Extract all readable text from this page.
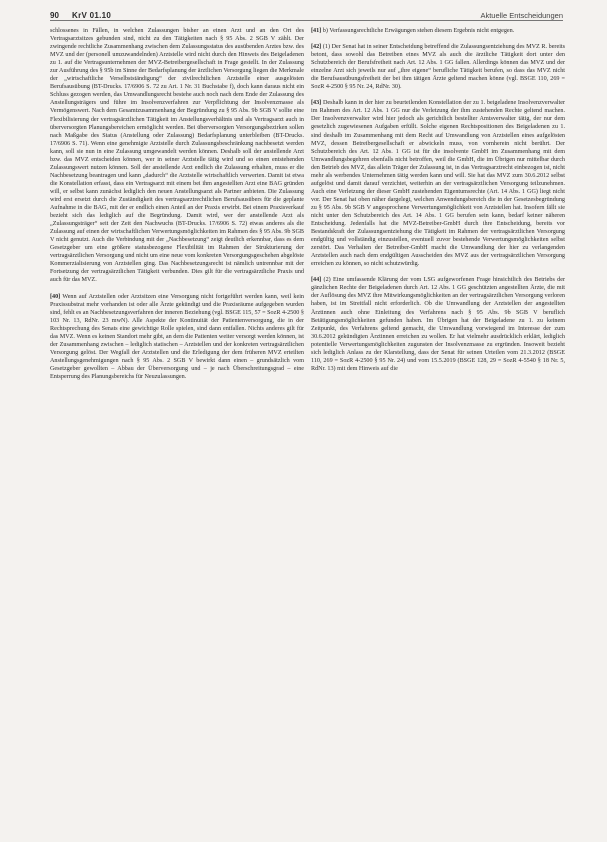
90	KrV 01.10	Aktuelle Entscheidungen

schlossenes in Fällen, in welchen Zulassungen bisher an einen Arzt und an den Ort des Vertragsarztsitzes gebunden sind, nicht zu den Tätigkeiten nach § 95 Abs. 2 SGB V zählt. Der zwingende rechtliche Zusammenhang zwischen dem Zulassungsstatus des ausübenden Arztes bzw. des MVZ und der (personell umzuwandelnden) Arztstelle wird nicht durch den Hinweis des Beigeladenen zu 1. auf die Vertragsunternehmen der MVZ-Betreibergesellschaft in Frage gestellt. In der Zulassung zur Ausführung des § 95b im Sinne der Bedarfsplanung der ärztlichen Versorgung liegen die Merkmale der „wirtschaftliche Verselbstständigung“ der zivilrechtlichen Arztstelle einer ausgelösten Berufsausübung (BT-Drucks. 17/6906 S. 72 zu Art. 1 Nr. 31 Buchstabe f), doch kann daraus nicht ein Schluss gezogen werden, das Umwandlungsrecht bestehe auch noch nach dem Ende der Zulassung des Anstellungsträgers und führe im Insolvenzverfahren zur Verpflichtung der Insolvenzmasse als Vermögenswert. Nach dem Gesamtzusammenhang der Begründung zu § 95 Abs. 9b SGB V sollte eine Flexibilisierung der vertragsärztlichen Tätigkeit im Anstellungsverhältnis und als Vertragsarzt auch in überversorgten Planungsbereichen ermöglicht werden. Bei überversorgten Versorgungsbezirken sollen nach Maßgabe des Status (Anstellung oder Zulassung) Bedarfsplanung unterbleiben (BT-Drucks. 17/6906 S. 71). Wenn eine genehmigte Arztstelle durch Zulassungsbeschränkung nachbesetzt werden kann, soll sie nun in eine Zulassung umgewandelt werden können. Deshalb soll der anstellende Arzt bzw. das MVZ entscheiden können, wer in seiner Arztstelle tätig wird und so einen entstehenden Zulassungswert nutzen können. Soll der anstellende Arzt endlich die Zulassung erhalten, muss er die Nachbesetzung beantragen und kann „dadurch“ die Arztstelle wirtschaftlich verwerten. Damit ist etwa die Konstellation erfasst, dass ein Vertragsarzt mit einem bei ihm angestellten Arzt eine BAG gründen will, er selbst kann zunächst lediglich den neuen Anstellungsarzt als Partner anbieten. Die Zulassung wird erst ersetzt durch die Zuständigkeit des vertragsarztrechtlichen Berufsausübers für die geplante Aufnahme in die BAG, mit der er endlich einen Anteil an der Praxis erwirbt. Bei einem Praxisverkauf bezieht sich das lediglich auf die Begründung. Damit wird, wer der anstellende Arzt als „Zulassungsträger“ seit der Zeit den Nachwuchs (BT-Drucks. 17/6906 S. 72) etwas anderes als die Zulassung auf einen der wirtschaftlichen Verwertungsmöglichkeiten im Rahmen des § 95 Abs. 9b SGB V nicht genutzt. Auch die Verbindung mit der „Nachbesetzung“ zeigt deutlich erkennbar, dass es dem Gesetzgeber um eine größere statusbezogene Flexibilität im Rahmen der Strukturierung der vertragsärztlichen Versorgung und nicht um eine neue vom konkreten Versorgungsgeschehen abgelöste Kommerzialisierung von Arztstellen ging. Das Nachbesetzungsrecht ist nämlich untrennbar mit der Fortsetzung der vertragsärztlichen Tätigkeit verbunden. Dies gilt für die vertragsärztliche Praxis und auch für das MVZ.

[40] Wenn auf Arztstellen oder Arztsitzen eine Versorgung nicht fortgeführt werden kann, weil kein Praxissubstrat mehr vorhanden ist oder alle Ärzte gekündigt und die Praxisräume aufgegeben wurden sind, fehlt es an Nachbesetzungsverfahren der inneren Beziehung (vgl. BSGE 115, 57 = SozR 4-2500 § 103 Nr. 13, RdNr. 23 mwN). Alle Aspekte der Kontinuität der Patientenversorgung, die in der Rechtsprechung des Senats eine gewichtige Rolle spielen, sind dann entfallen. Nichts anderes gilt für das MVZ. Wenn es keinen Standort mehr gibt, an dem die Patienten weiter versorgt werden können, ist der Zusammenhang zwischen – lediglich statischen – Arztstellen und der konkreten vertragsärztlichen Versorgung gelöst. Der Wegfall der Arztstellen und die Erledigung der dem früheren MVZ erteilten Anstellungsgenehmigungen nach § 95 Abs. 2 SGB V bewirkt dann einen – grundsätzlich vom Gesetzgeber gewollten – Abbau der Überversorgung und – je nach Überschreitungsgrad – eine Entsperrung des Planungsbereichs für Neuzulassungen.

[41] b) Verfassungsrechtliche Erwägungen stehen diesem Ergebnis nicht entgegen.

[42] (1) Der Senat hat in seiner Entscheidung betreffend die Zulassungsentziehung des MVZ R. bereits betont, dass sowohl das Betreiben eines MVZ als auch die ärztliche Tätigkeit dort unter den Schutzbereich der Berufsfreiheit nach Art. 12 Abs. 1 GG fallen. Allerdings können das MVZ und der einzelne Arzt sich jeweils nur auf „ihre eigene“ berufliche Tätigkeit berufen, so dass das MVZ nicht die Berufsausübungsfreiheit der bei ihm tätigen Ärzte geltend machen könne (vgl. BSGE 110, 269 = SozR 4-2500 § 95 Nr. 24, RdNr. 30).

[43] Deshalb kann in der hier zu beurteilenden Konstellation der zu 1. beigeladene Insolvenzverwalter im Rahmen des Art. 12 Abs. 1 GG nur die Verletzung der ihm zustehenden Rechte geltend machen. Der Insolvenzverwalter wird hier jedoch als gerichtlich bestellter Amtsverwalter tätig, der nur dem gesetzlich zugewiesenen Aufgaben erfüllt. Solche eigenen Rechtspositionen des Beigeladenen zu 1. sind deshalb im Zusammenhang mit dem Recht auf Umwandlung von Arztstellen eines aufgelösten MVZ, dessen Betreibergesellschaft er abwickeln muss, von vornherein nicht berührt. Der Schutzbereich des Art. 12 Abs. 1 GG ist für die insolvente GmbH im Zusammenhang mit dem Umwandlungsbegehren ebenfalls nicht betroffen, weil die GmbH, die im Übrigen nur mittelbar durch den Betrieb des MVZ, das allein Träger der Zulassung ist, in das Vertragsarztrecht einbezogen ist, nicht mehr als werbendes Unternehmen tätig werden kann und will. Sie hat das MVZ zum 30.6.2012 selbst aufgelöst und damit darauf verzichtet, weiterhin an der vertragsärztlichen Versorgung teilzunehmen. Auch eine Verletzung der dieser GmbH zustehenden Eigentumsrechte (Art. 14 Abs. 1 GG) liegt nicht vor. Der Senat hat oben näher dargelegt, welchen Anwendungsbereich die in der Gesetzesbegründung zu § 95 Abs. 9b SGB V angesprochene Verwertungsmöglichkeit von Arztstellen hat. Insofern fällt sie nicht unter den Schutzbereich des Art. 14 Abs. 1 GG berufen sein kann, bedarf keiner näheren Entscheidung. Jedenfalls hat die MVZ-Betreiber-GmbH durch ihre Entscheidung, bereits vor Bestandskraft der Zulassungsentziehung die Tätigkeit im Rahmen der vertragsärztlichen Versorgung endgültig und vollständig einzustellen, eventuell zuvor bestehende Verwertungsmöglichkeiten selbst zerstört. Das Verhalten der Betreiber-GmbH macht die Umwandlung der hier zu verlangenden Arztstellen auch nach dem endgültigen Ausscheiden des MVZ aus der vertragsärztlichen Versorgung erreichen zu können, so nicht schutzwürdig.

[44] (2) Eine umfassende Klärung der vom LSG aufgeworfenen Frage hinsichtlich des Betriebs der gänzlichen Rechte der Beigeladenen durch Art. 12 Abs. 1 GG geschützten angestellten Ärzte, die mit der Auflösung des MVZ ihre Mitwirkungsmöglichkeiten an der vertragsärztlichen Versorgung verloren haben, ist im Streitfall nicht erforderlich. Ob die Umwandlung der Arztstellen der angestellten Ärztinnen auch ohne Einleitung des Verfahrens nach § 95 Abs. 9b SGB V beruflich Betätigungsmöglichkeiten gefunden haben. Im Übrigen hat der Beigeladene zu 1. zu keinem Zeitpunkt, des Verfahrens geltend gemacht, die Umwandlung vorwiegend im Interesse der zum 30.6.2012 gekündigten Ärztinnen erreichen zu wollen. Er hat vielmehr ausdrücklich erklärt, lediglich potentielle Verwertungsmöglichkeiten zugunsten der Insolvenzmasse zu ergründen. Insoweit bezieht sich lediglich Anlass zu der Klarstellung, dass der Senat für seinen Urteilen vom 21.3.2012 (BSGE 110, 269 = SozR 4-2500 § 95 Nr. 24) und vom 15.5.2019 (BSGE 128, 29 = SozR 4-5540 § 18 Nr. 5, RdNr. 13) mit dem Hinweis auf die
